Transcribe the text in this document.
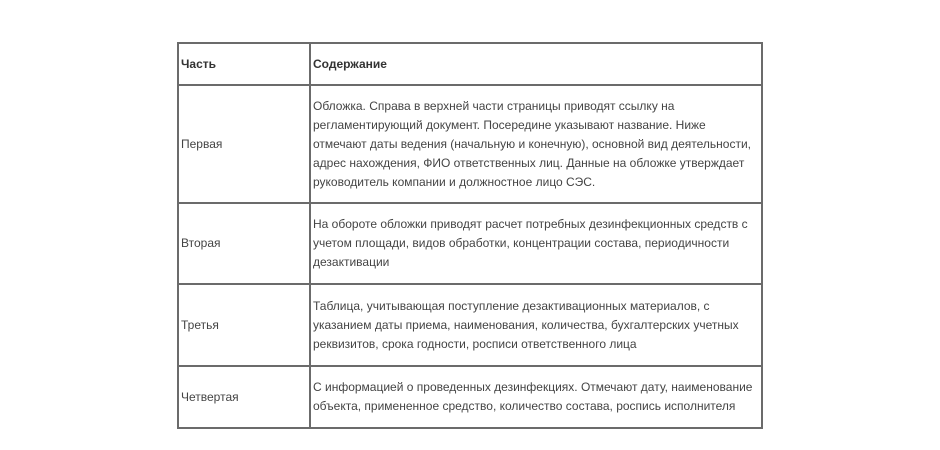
Часть	Содержание
Первая	Обложка. Справа в верхней части страницы приводят ссылку на регламентирующий документ. Посередине указывают название. Ниже отмечают даты ведения (начальную и конечную), основной вид деятельности, адрес нахождения, ФИО ответственных лиц. Данные на обложке утверждает руководитель компании и должностное лицо СЭС.
Вторая	На обороте обложки приводят расчет потребных дезинфекционных средств с учетом площади, видов обработки, концентрации состава, периодичности дезактивации
Третья	Таблица, учитывающая поступление дезактивационных материалов, с указанием даты приема, наименования, количества, бухгалтерских учетных реквизитов, срока годности, росписи ответственного лица
Четвертая	С информацией о проведенных дезинфекциях. Отмечают дату, наименование объекта, примененное средство, количество состава, роспись исполнителя
